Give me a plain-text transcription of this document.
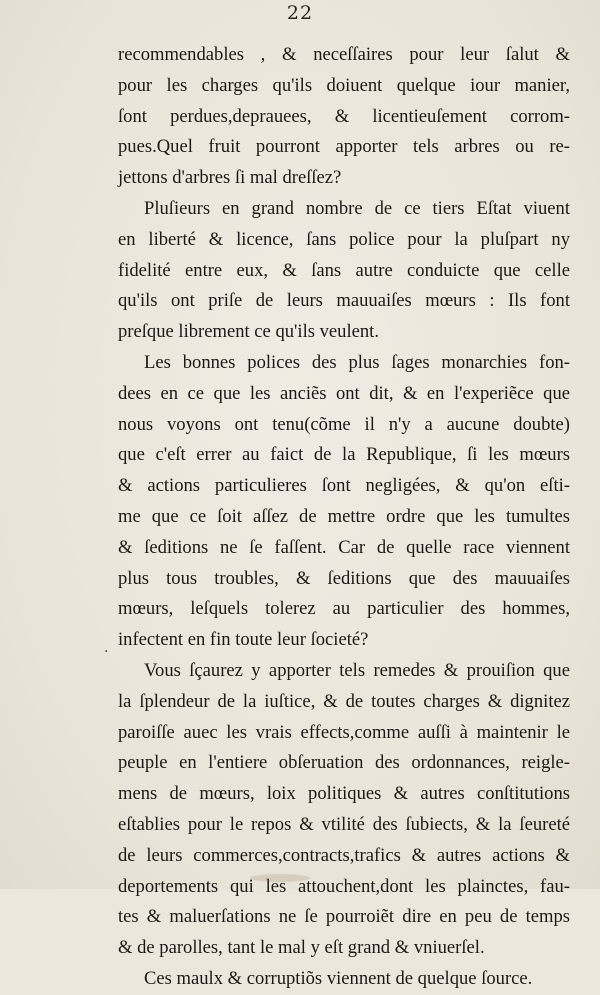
22
recommendables , & neceſſaires pour leur ſalut &
pour les charges qu'ils doiuent quelque iour manier,
ſont perdues,deprauees, & licentieuſement corrom-
pues.Quel fruit pourront apporter tels arbres ou re-
jettons d'arbres ſi mal dreſſez?
Pluſieurs en grand nombre de ce tiers Eſtat viuent
en liberté & licence, ſans police pour la pluſpart ny
fidelité entre eux, & ſans autre conduicte que celle
qu'ils ont priſe de leurs mauuaiſes mœurs : Ils font
preſque librement ce qu'ils veulent.
Les bonnes polices des plus ſages monarchies fon-
dees en ce que les anciẽs ont dit, & en l'experiẽce que
nous voyons ont tenu(cõme il n'y a aucune doubte)
que c'eſt errer au faict de la Republique, ſi les mœurs
& actions particulieres ſont negligées, & qu'on eſti-
me que ce ſoit aſſez de mettre ordre que les tumultes
& ſeditions ne ſe faſſent. Car de quelle race viennent
plus tous troubles, & ſeditions que des mauuaiſes
mœurs, leſquels tolerez au particulier des hommes,
infectent en fin toute leur ſocieté?
Vous ſçaurez y apporter tels remedes & prouiſion que
la ſplendeur de la iuſtice, & de toutes charges & dignitez
paroiſſe auec les vrais effects,comme auſſi à maintenir le
peuple en l'entiere obſeruation des ordonnances, reigle-
mens de mœurs, loix politiques & autres conſtitutions
eſtablies pour le repos & vtilité des ſubiects, & la ſeureté
de leurs commerces,contracts,trafics & autres actions &
deportements qui les attouchent,dont les plainctes, fau-
tes & maluerſations ne ſe pourroiẽt dire en peu de temps
& de parolles, tant le mal y eſt grand & vniuerſel.
Ces maulx & corruptiõs viennent de quelque ſource.
.
